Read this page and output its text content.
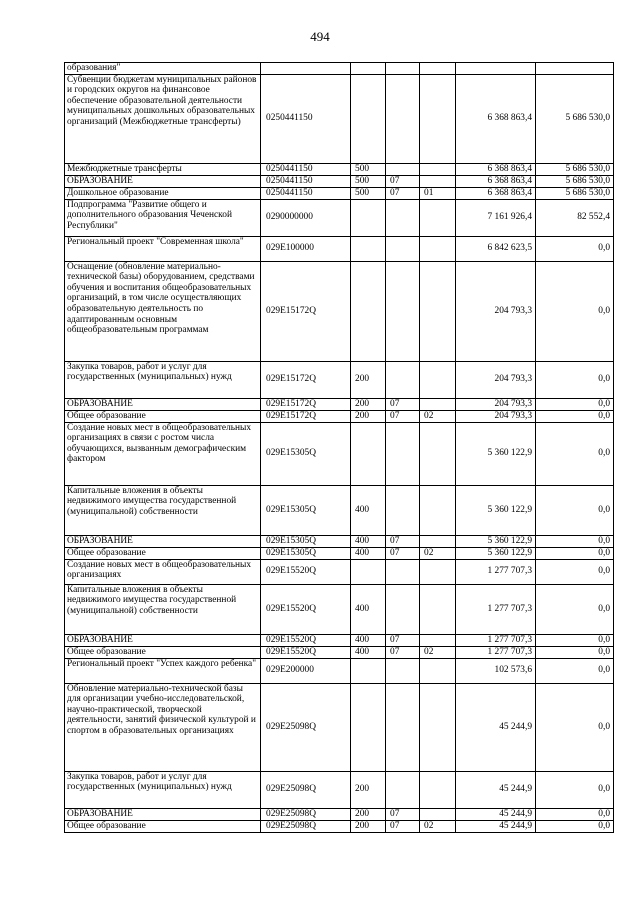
494
образования"						
Субвенции бюджетам муниципальных районов и городских округов на финансовое обеспечение образовательной деятельности муниципальных дошкольных образовательных организаций (Межбюджетные трансферты)	0250441150				6 368 863,4	5 686 530,0
Межбюджетные трансферты	0250441150	500			6 368 863,4	5 686 530,0
ОБРАЗОВАНИЕ	0250441150	500	07		6 368 863,4	5 686 530,0
Дошкольное образование	0250441150	500	07	01	6 368 863,4	5 686 530,0
Подпрограмма "Развитие общего и дополнительного образования Чеченской Республики"	0290000000				7 161 926,4	82 552,4
Региональный проект "Современная школа"	029E100000				6 842 623,5	0,0
Оснащение (обновление материально-технической базы) оборудованием, средствами обучения и воспитания общеобразовательных организаций, в том числе осуществляющих образовательную деятельность по адаптированным основным общеобразовательным программам	029E15172Q				204 793,3	0,0
Закупка товаров, работ и услуг для государственных (муниципальных) нужд	029E15172Q	200			204 793,3	0,0
ОБРАЗОВАНИЕ	029E15172Q	200	07		204 793,3	0,0
Общее образование	029E15172Q	200	07	02	204 793,3	0,0
Создание новых мест в общеобразовательных организациях в связи с ростом числа обучающихся, вызванным демографическим фактором	029E15305Q				5 360 122,9	0,0
Капитальные вложения в объекты недвижимого имущества государственной (муниципальной) собственности	029E15305Q	400			5 360 122,9	0,0
ОБРАЗОВАНИЕ	029E15305Q	400	07		5 360 122,9	0,0
Общее образование	029E15305Q	400	07	02	5 360 122,9	0,0
Создание новых мест в общеобразовательных организациях	029E15520Q				1 277 707,3	0,0
Капитальные вложения в объекты недвижимого имущества государственной (муниципальной) собственности	029E15520Q	400			1 277 707,3	0,0
ОБРАЗОВАНИЕ	029E15520Q	400	07		1 277 707,3	0,0
Общее образование	029E15520Q	400	07	02	1 277 707,3	0,0
Региональный проект "Успех каждого ребенка"	029E200000				102 573,6	0,0
Обновление материально-технической базы для организации учебно-исследовательской, научно-практической, творческой деятельности, занятий физической культурой и спортом в образовательных организациях	029E25098Q				45 244,9	0,0
Закупка товаров, работ и услуг для государственных (муниципальных) нужд	029E25098Q	200			45 244,9	0,0
ОБРАЗОВАНИЕ	029E25098Q	200	07		45 244,9	0,0
Общее образование	029E25098Q	200	07	02	45 244,9	0,0
